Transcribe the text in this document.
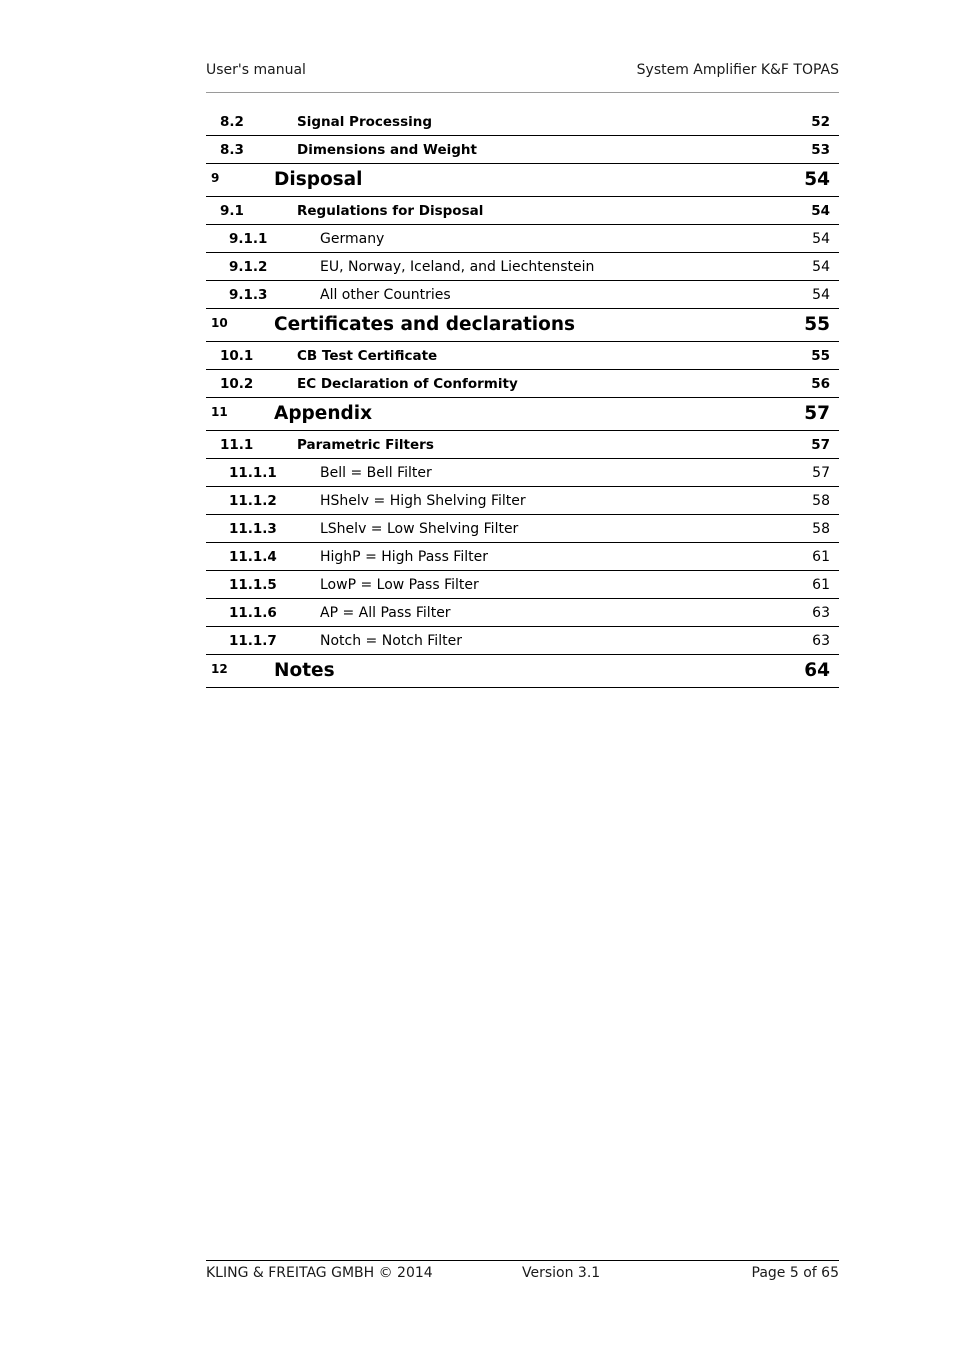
User's manual	System Amplifier K&F TOPAS
8.2	Signal Processing	52
8.3	Dimensions and Weight	53
9	Disposal	54
9.1	Regulations for Disposal	54
9.1.1	Germany	54
9.1.2	EU, Norway, Iceland, and Liechtenstein	54
9.1.3	All other Countries	54
10	Certificates and declarations	55
10.1	CB Test Certificate	55
10.2	EC Declaration of Conformity	56
11	Appendix	57
11.1	Parametric Filters	57
11.1.1	Bell = Bell Filter	57
11.1.2	HShelv = High Shelving Filter	58
11.1.3	LShelv = Low Shelving Filter	58
11.1.4	HighP = High Pass Filter	61
11.1.5	LowP = Low Pass Filter	61
11.1.6	AP = All Pass Filter	63
11.1.7	Notch = Notch Filter	63
12	Notes	64
KLING & FREITAG GMBH © 2014	Version 3.1	Page 5 of 65
